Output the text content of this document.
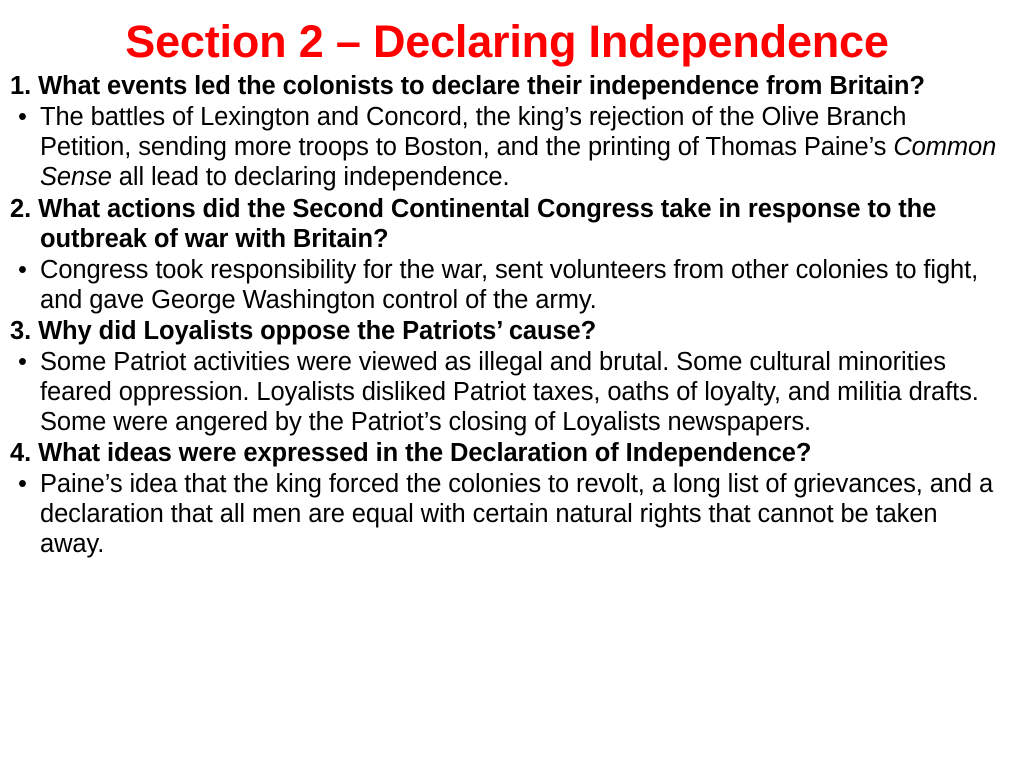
Section 2 – Declaring Independence

1. What events led the colonists to declare their independence from Britain?

• The battles of Lexington and Concord, the king’s rejection of the Olive Branch Petition, sending more troops to Boston, and the printing of Thomas Paine’s Common Sense all lead to declaring independence.

2. What actions did the Second Continental Congress take in response to the outbreak of war with Britain?

• Congress took responsibility for the war, sent volunteers from other colonies to fight, and gave George Washington control of the army.

3. Why did Loyalists oppose the Patriots’ cause?

• Some Patriot activities were viewed as illegal and brutal. Some cultural minorities feared oppression. Loyalists disliked Patriot taxes, oaths of loyalty, and militia drafts. Some were angered by the Patriot’s closing of Loyalists newspapers.

4. What ideas were expressed in the Declaration of Independence?

• Paine’s idea that the king forced the colonies to revolt, a long list of grievances, and a declaration that all men are equal with certain natural rights that cannot be taken away.
